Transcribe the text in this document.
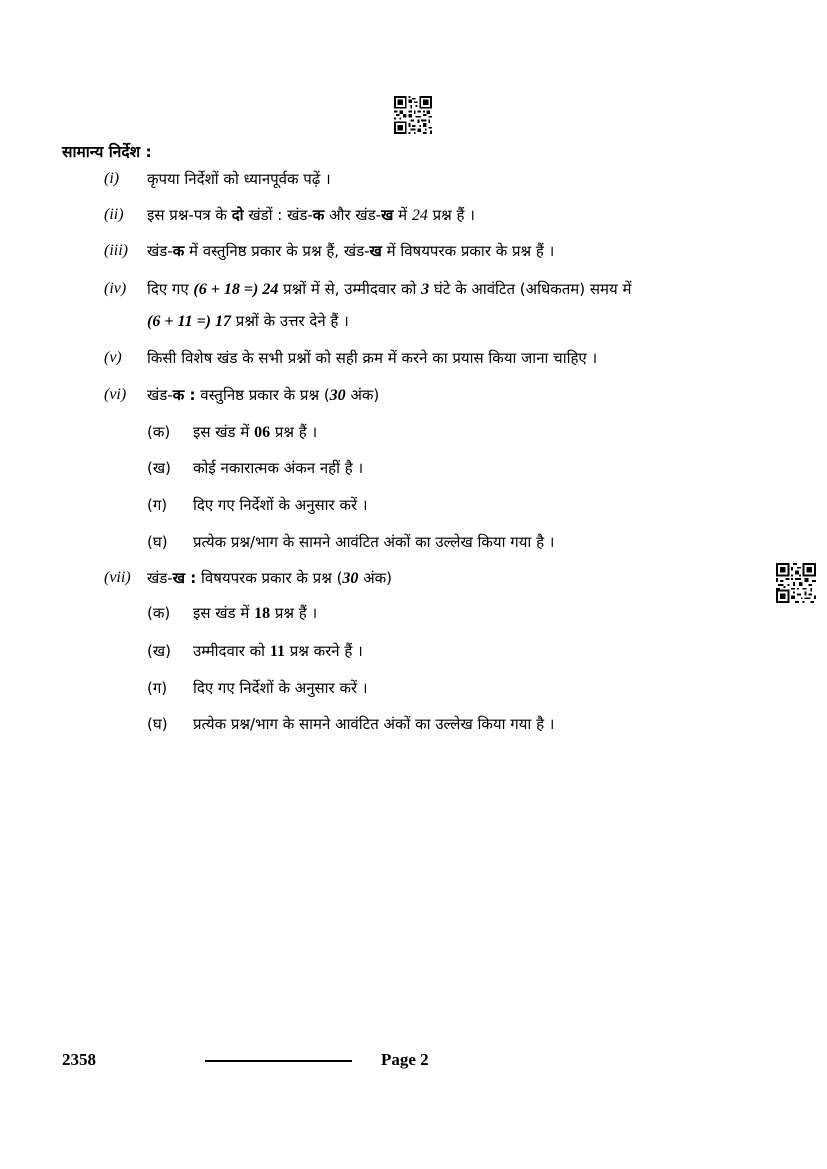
सामान्य निर्देश :
(i) कृपया निर्देशों को ध्यानपूर्वक पढ़ें ।
(ii) इस प्रश्न-पत्र के दो खंडों : खंड-क और खंड-ख में 24 प्रश्न हैं ।
(iii) खंड-क में वस्तुनिष्ठ प्रकार के प्रश्न हैं, खंड-ख में विषयपरक प्रकार के प्रश्न हैं ।
(iv) दिए गए (6 + 18 =) 24 प्रश्नों में से, उम्मीदवार को 3 घंटे के आवंटित (अधिकतम) समय में
(6 + 11 =) 17 प्रश्नों के उत्तर देने हैं ।
(v) किसी विशेष खंड के सभी प्रश्नों को सही क्रम में करने का प्रयास किया जाना चाहिए ।
(vi) खंड-क : वस्तुनिष्ठ प्रकार के प्रश्न (30 अंक)
(क) इस खंड में 06 प्रश्न हैं ।
(ख) कोई नकारात्मक अंकन नहीं है ।
(ग) दिए गए निर्देशों के अनुसार करें ।
(घ) प्रत्येक प्रश्न/भाग के सामने आवंटित अंकों का उल्लेख किया गया है ।
(vii) खंड-ख : विषयपरक प्रकार के प्रश्न (30 अंक)
(क) इस खंड में 18 प्रश्न हैं ।
(ख) उम्मीदवार को 11 प्रश्न करने हैं ।
(ग) दिए गए निर्देशों के अनुसार करें ।
(घ) प्रत्येक प्रश्न/भाग के सामने आवंटित अंकों का उल्लेख किया गया है ।
2358	Page 2
